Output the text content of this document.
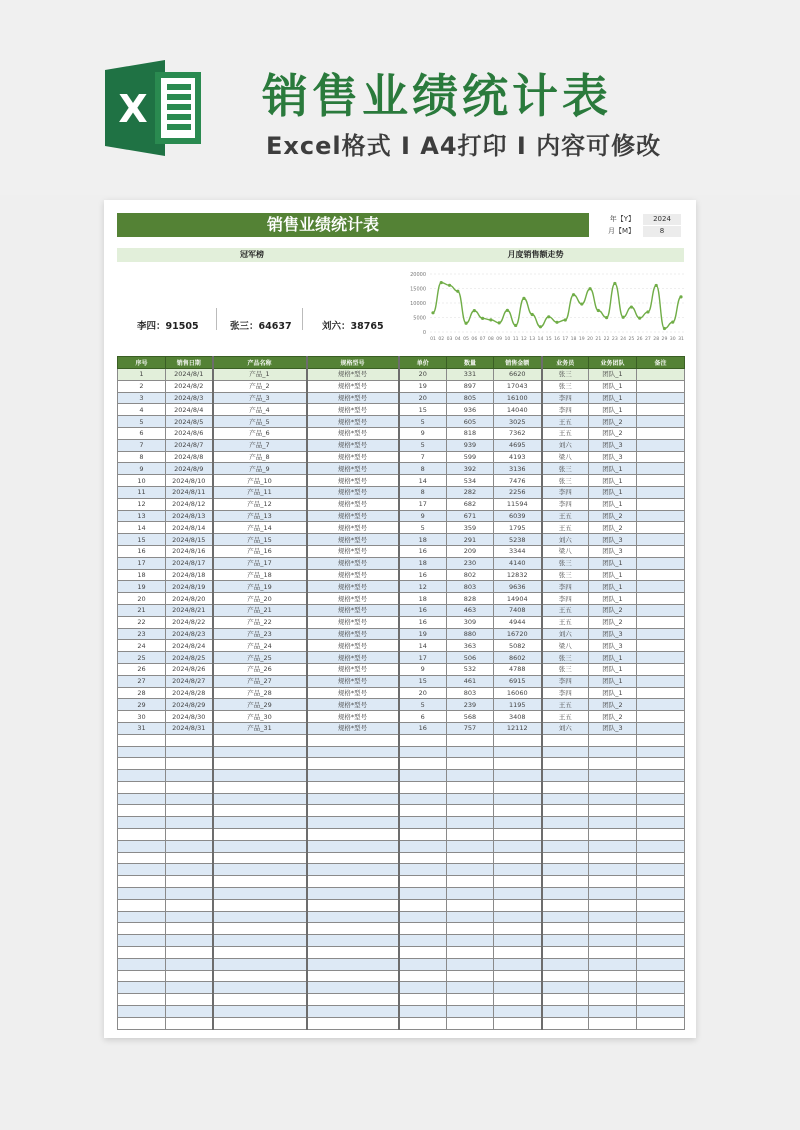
X 销售业绩统计表
Excel格式 I A4打印 I 内容可修改
销售业绩统计表	年【Y】	2024
月【M】	8
冠军榜	月度销售额走势
李四：91505	张三：64637	刘六：38765
0
5000
10000
15000
20000
01 02 03 04 05 06 07 08 09 10 11 12 13 14 15 16 17 18 19 20 21 22 23 24 25 26 27 28 29 30 31
序号	销售日期	产品名称	规格型号	单价	数量	销售金额	业务员	业务团队	备注
1	2024/8/1	产品_1	规格*型号	20	331	6620	张三	团队_1	
2	2024/8/2	产品_2	规格*型号	19	897	17043	张三	团队_1	
3	2024/8/3	产品_3	规格*型号	20	805	16100	李四	团队_1	
4	2024/8/4	产品_4	规格*型号	15	936	14040	李四	团队_1	
5	2024/8/5	产品_5	规格*型号	5	605	3025	王五	团队_2	
6	2024/8/6	产品_6	规格*型号	9	818	7362	王五	团队_2	
7	2024/8/7	产品_7	规格*型号	5	939	4695	刘六	团队_3	
8	2024/8/8	产品_8	规格*型号	7	599	4193	梁八	团队_3	
9	2024/8/9	产品_9	规格*型号	8	392	3136	张三	团队_1	
10	2024/8/10	产品_10	规格*型号	14	534	7476	张三	团队_1	
11	2024/8/11	产品_11	规格*型号	8	282	2256	李四	团队_1	
12	2024/8/12	产品_12	规格*型号	17	682	11594	李四	团队_1	
13	2024/8/13	产品_13	规格*型号	9	671	6039	王五	团队_2	
14	2024/8/14	产品_14	规格*型号	5	359	1795	王五	团队_2	
15	2024/8/15	产品_15	规格*型号	18	291	5238	刘六	团队_3	
16	2024/8/16	产品_16	规格*型号	16	209	3344	梁八	团队_3	
17	2024/8/17	产品_17	规格*型号	18	230	4140	张三	团队_1	
18	2024/8/18	产品_18	规格*型号	16	802	12832	张三	团队_1	
19	2024/8/19	产品_19	规格*型号	12	803	9636	李四	团队_1	
20	2024/8/20	产品_20	规格*型号	18	828	14904	李四	团队_1	
21	2024/8/21	产品_21	规格*型号	16	463	7408	王五	团队_2	
22	2024/8/22	产品_22	规格*型号	16	309	4944	王五	团队_2	
23	2024/8/23	产品_23	规格*型号	19	880	16720	刘六	团队_3	
24	2024/8/24	产品_24	规格*型号	14	363	5082	梁八	团队_3	
25	2024/8/25	产品_25	规格*型号	17	506	8602	张三	团队_1	
26	2024/8/26	产品_26	规格*型号	9	532	4788	张三	团队_1	
27	2024/8/27	产品_27	规格*型号	15	461	6915	李四	团队_1	
28	2024/8/28	产品_28	规格*型号	20	803	16060	李四	团队_1	
29	2024/8/29	产品_29	规格*型号	5	239	1195	王五	团队_2	
30	2024/8/30	产品_30	规格*型号	6	568	3408	王五	团队_2	
31	2024/8/31	产品_31	规格*型号	16	757	12112	刘六	团队_3	
